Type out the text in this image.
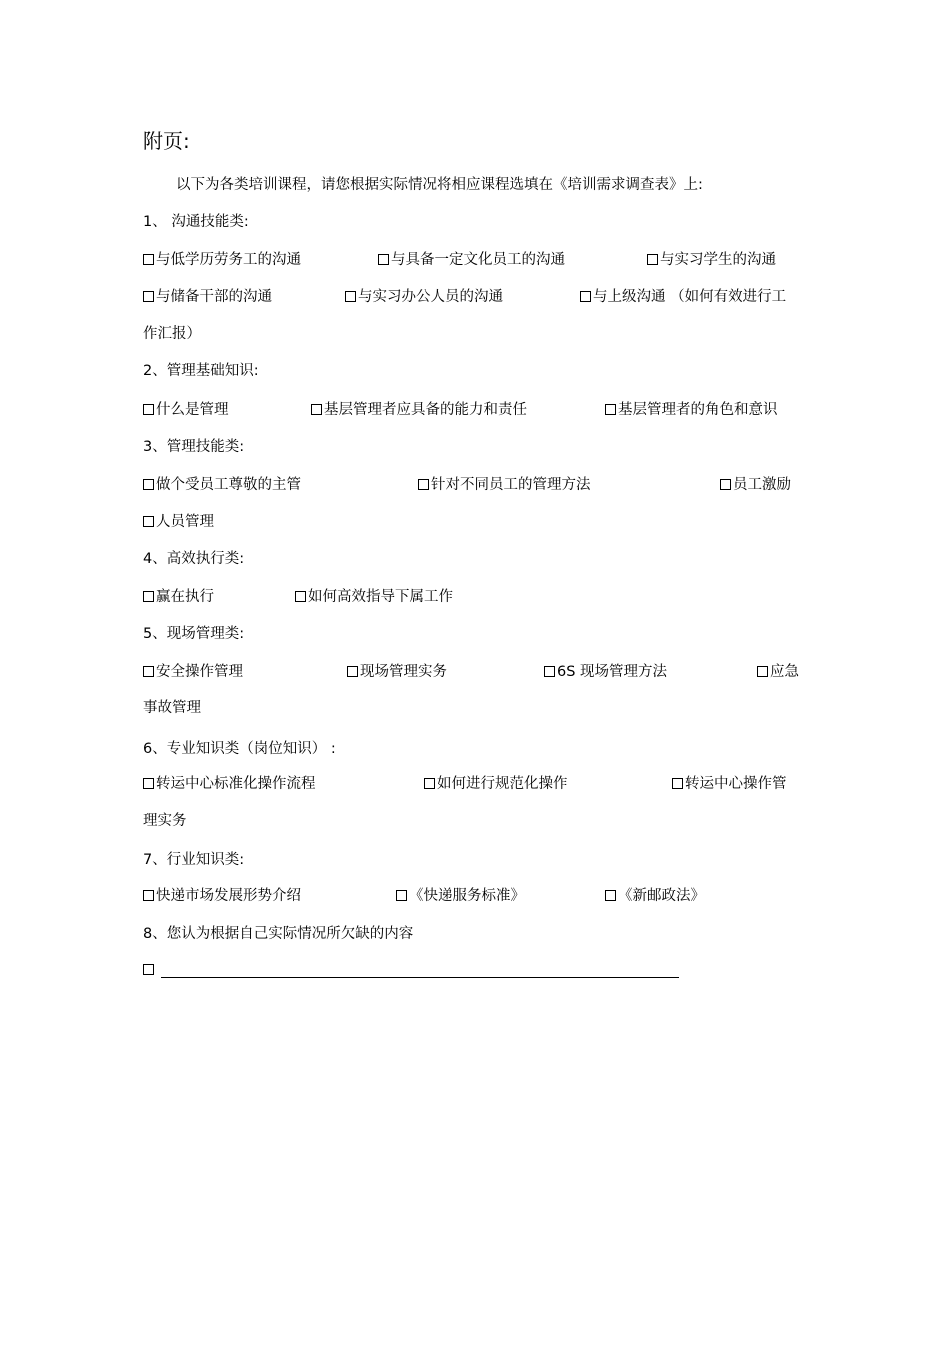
附页:
以下为各类培训课程，请您根据实际情况将相应课程选填在《培训需求调查表》上:
1、 沟通技能类:
与低学历劳务工的沟通	与具备一定文化员工的沟通	与实习学生的沟通
与储备干部的沟通	与实习办公人员的沟通	与上级沟通 （如何有效进行工
作汇报）
2、管理基础知识:
什么是管理	基层管理者应具备的能力和责任	基层管理者的角色和意识
3、管理技能类:
做个受员工尊敬的主管	针对不同员工的管理方法	员工激励
人员管理
4、高效执行类:
赢在执行	如何高效指导下属工作
5、现场管理类:
安全操作管理	现场管理实务	6S 现场管理方法	应急
事故管理
6、专业知识类（岗位知识） :
转运中心标准化操作流程	如何进行规范化操作	转运中心操作管
理实务
7、行业知识类:
快递市场发展形势介绍	《快递服务标准》	《新邮政法》
8、您认为根据自己实际情况所欠缺的内容
